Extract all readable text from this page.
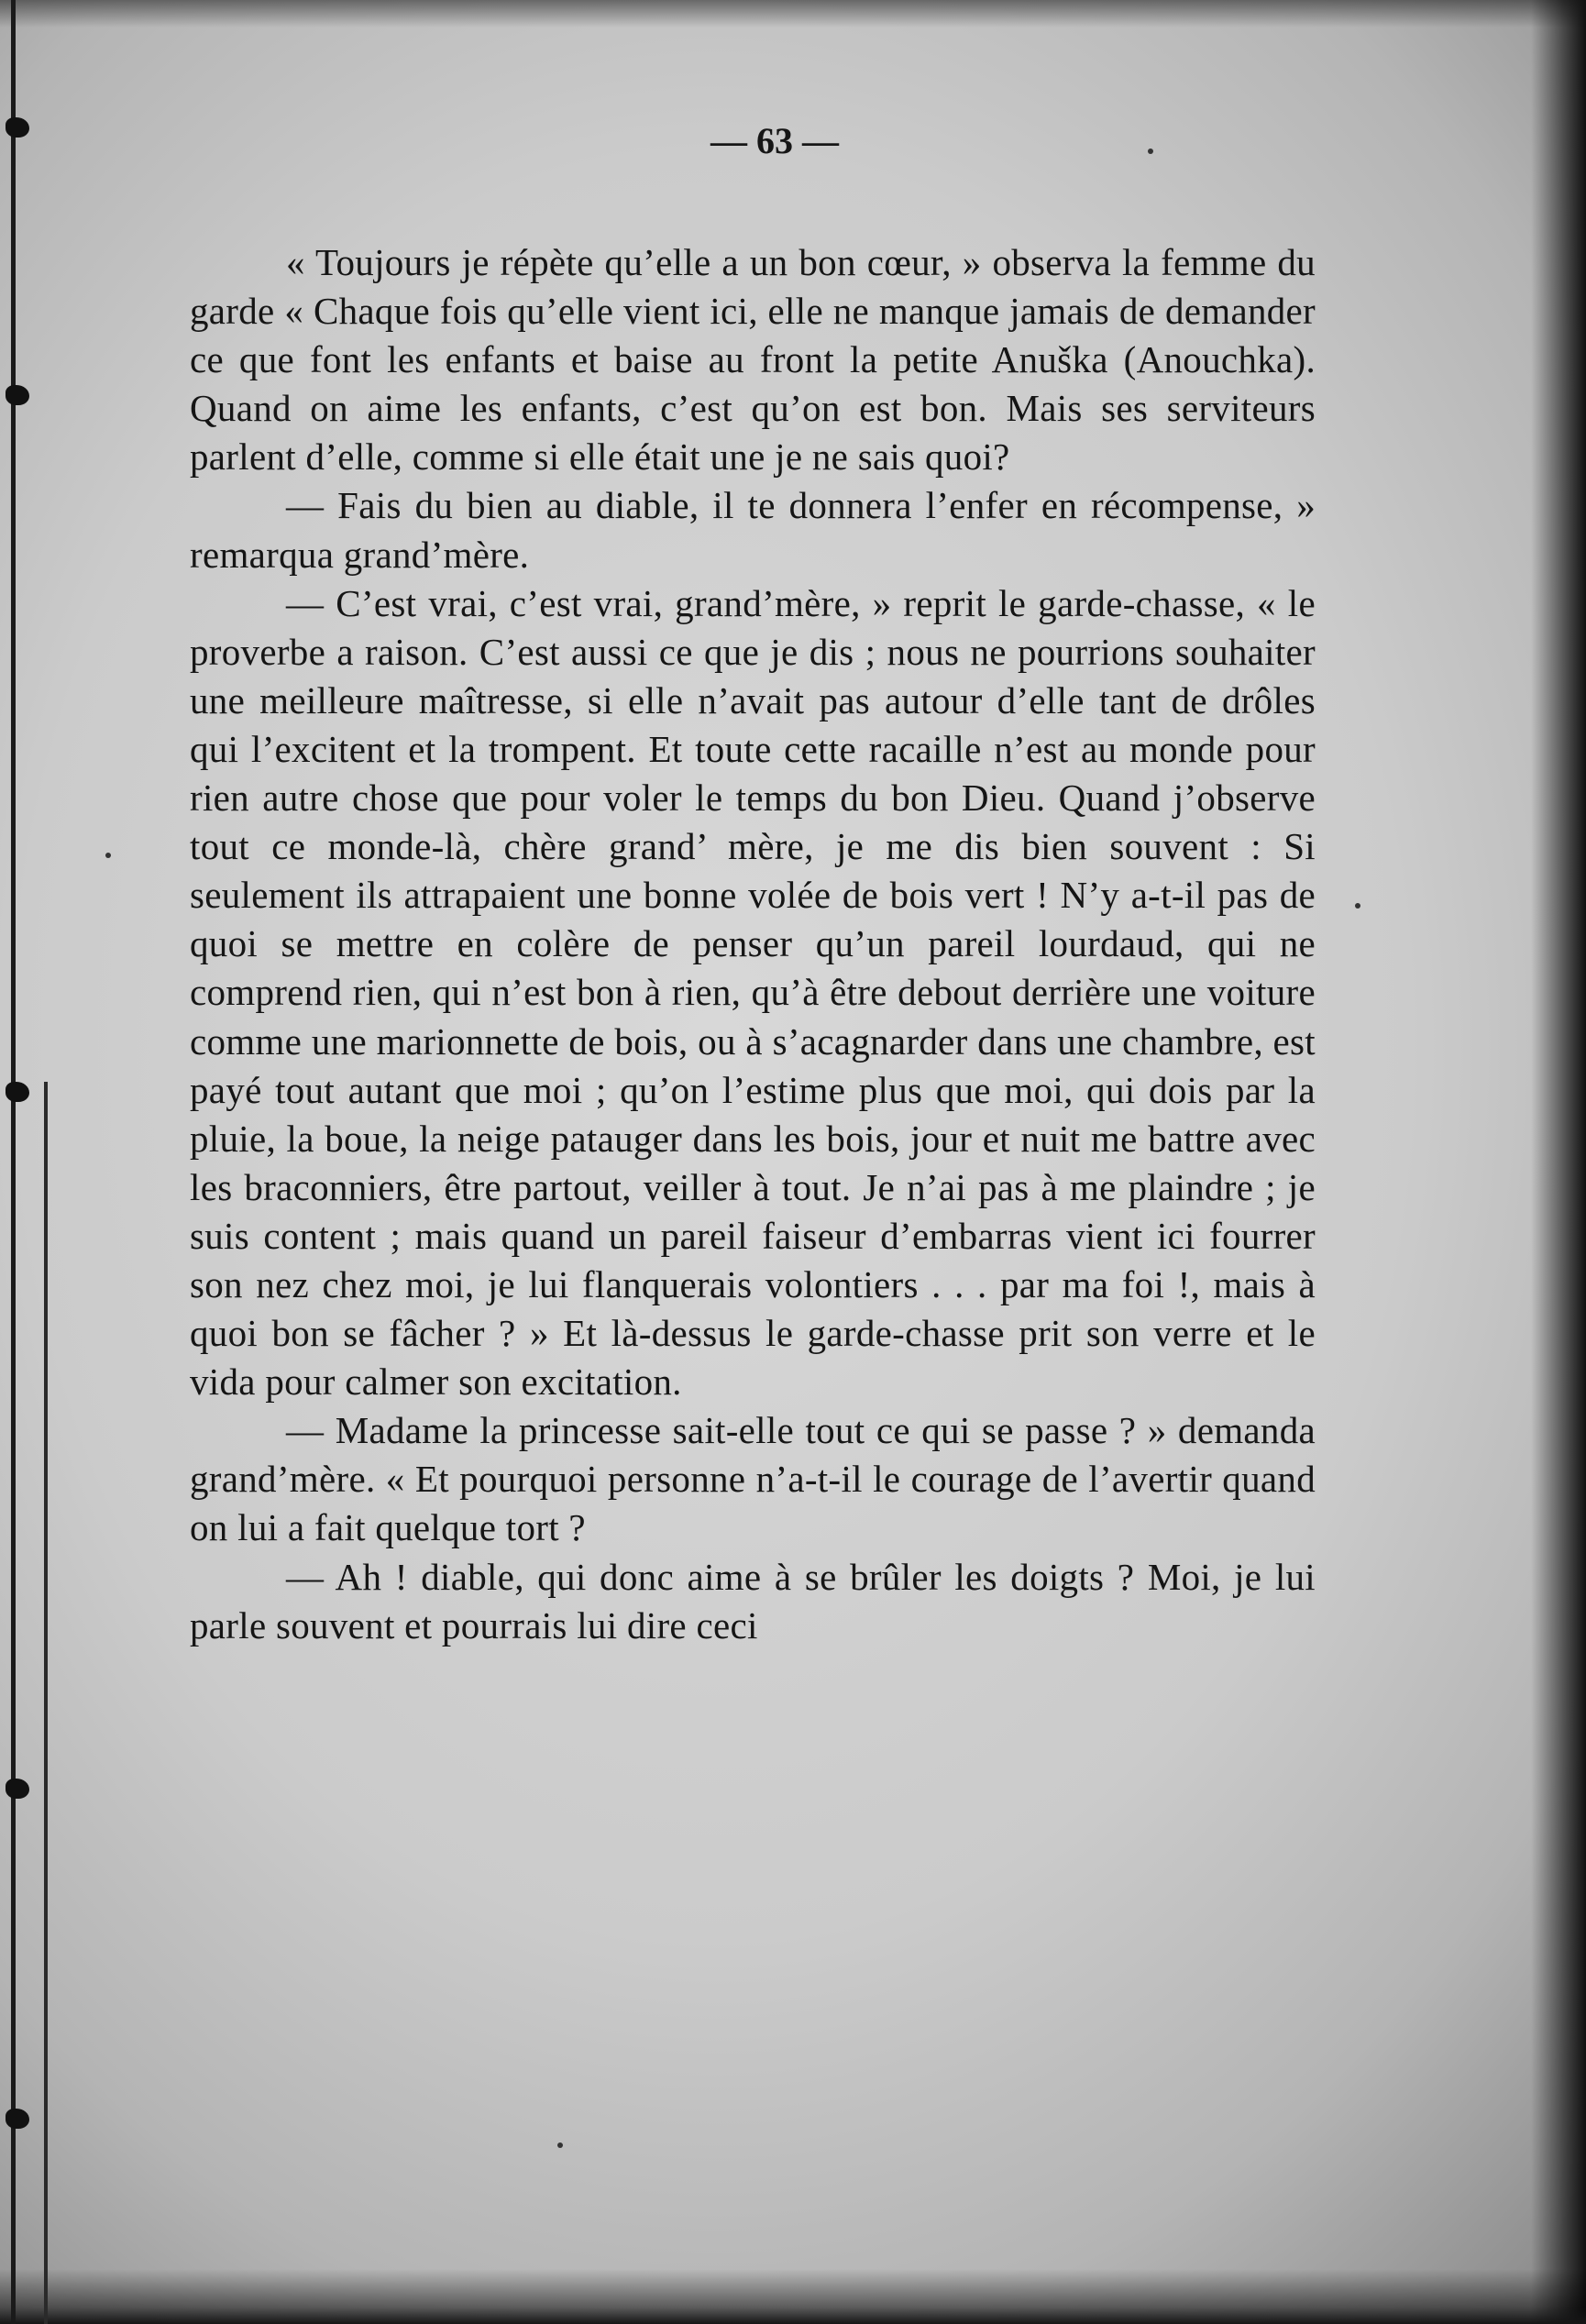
— 63 —

« Toujours je répète qu’elle a un bon cœur, » observa la femme du garde « Chaque fois qu’elle vient ici, elle ne manque jamais de demander ce que font les enfants et baise au front la petite Anuška (Anouchka). Quand on aime les enfants, c’est qu’on est bon. Mais ses serviteurs parlent d’elle, comme si elle était une je ne sais quoi?

— Fais du bien au diable, il te donnera l’enfer en récompense, » remarqua grand’mère.

— C’est vrai, c’est vrai, grand’mère, » reprit le garde-chasse, « le proverbe a raison. C’est aussi ce que je dis ; nous ne pourrions souhaiter une meilleure maîtresse, si elle n’avait pas autour d’elle tant de drôles qui l’excitent et la trompent. Et toute cette racaille n’est au monde pour rien autre chose que pour voler le temps du bon Dieu. Quand j’observe tout ce monde-là, chère grand’ mère, je me dis bien souvent : Si seulement ils attrapaient une bonne volée de bois vert ! N’y a-t-il pas de quoi se mettre en colère de penser qu’un pareil lourdaud, qui ne comprend rien, qui n’est bon à rien, qu’à être debout derrière une voiture comme une marionnette de bois, ou à s’acagnarder dans une chambre, est payé tout autant que moi ; qu’on l’estime plus que moi, qui dois par la pluie, la boue, la neige patauger dans les bois, jour et nuit me battre avec les braconniers, être partout, veiller à tout. Je n’ai pas à me plaindre ; je suis content ; mais quand un pareil faiseur d’embarras vient ici fourrer son nez chez moi, je lui flanquerais volontiers . . . par ma foi !, mais à quoi bon se fâcher ? » Et là-dessus le garde-chasse prit son verre et le vida pour calmer son excitation.

— Madame la princesse sait-elle tout ce qui se passe ? » demanda grand’mère. « Et pourquoi personne n’a-t-il le courage de l’avertir quand on lui a fait quelque tort ?

— Ah ! diable, qui donc aime à se brûler les doigts ? Moi, je lui parle souvent et pourrais lui dire ceci
